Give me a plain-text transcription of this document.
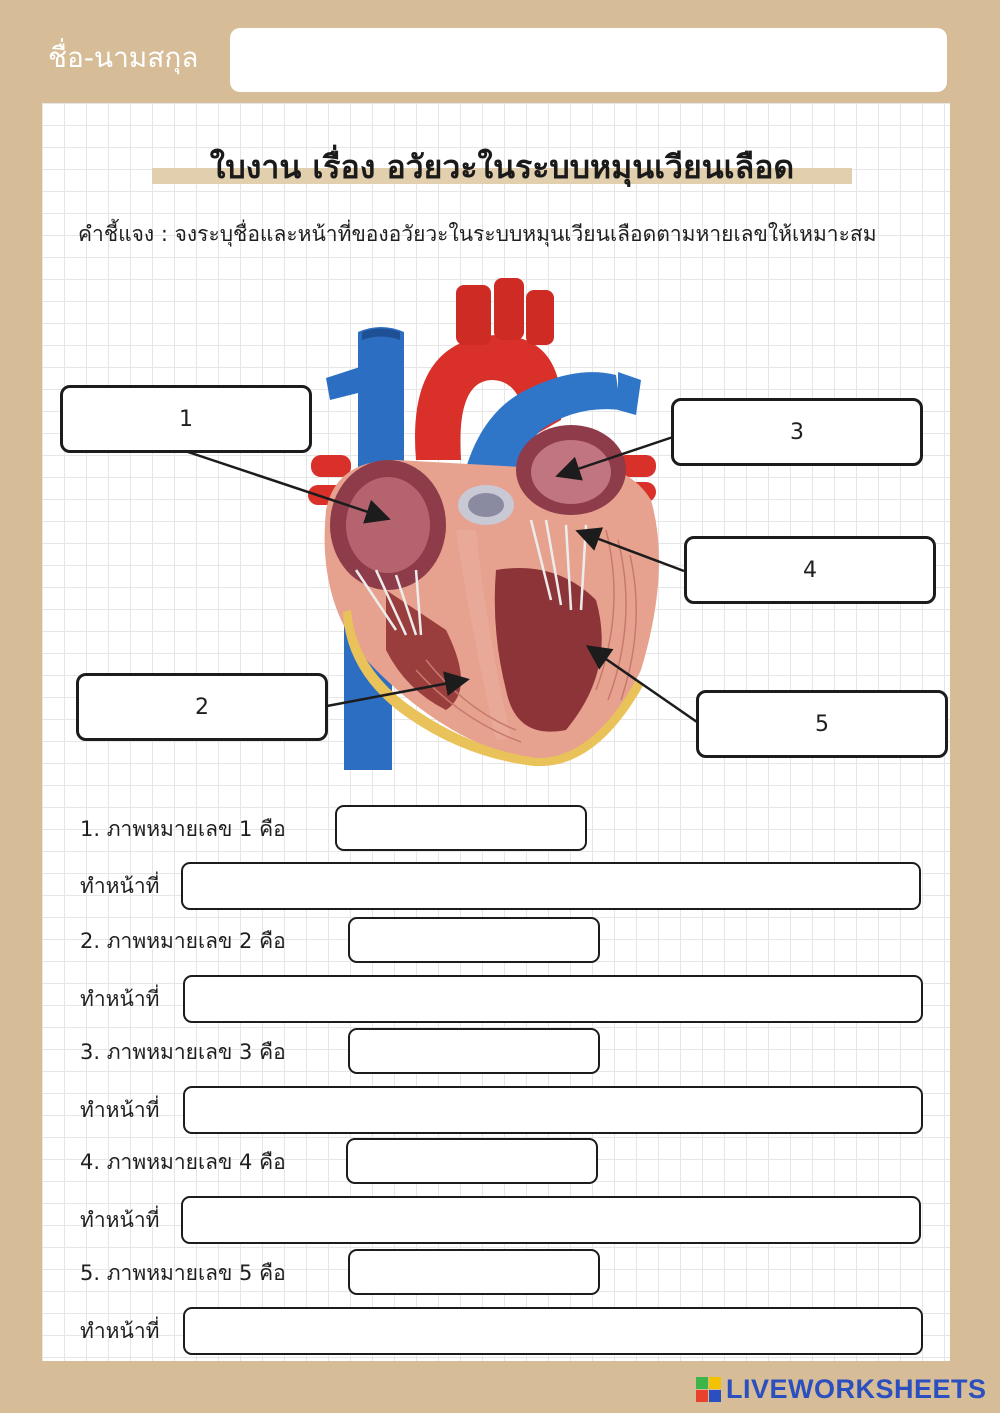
ชื่อ-นามสกุล
ใบงาน เรื่อง อวัยวะในระบบหมุนเวียนเลือด
คำชี้แจง : จงระบุชื่อและหน้าที่ของอวัยวะในระบบหมุนเวียนเลือดตามหายเลขให้เหมาะสม
1
2
3
4
5
1. ภาพหมายเลข 1 คือ
ทำหน้าที่
2. ภาพหมายเลข 2 คือ
ทำหน้าที่
3. ภาพหมายเลข 3 คือ
ทำหน้าที่
4. ภาพหมายเลข 4 คือ
ทำหน้าที่
5. ภาพหมายเลข 5 คือ
ทำหน้าที่
LIVEWORKSHEETS
